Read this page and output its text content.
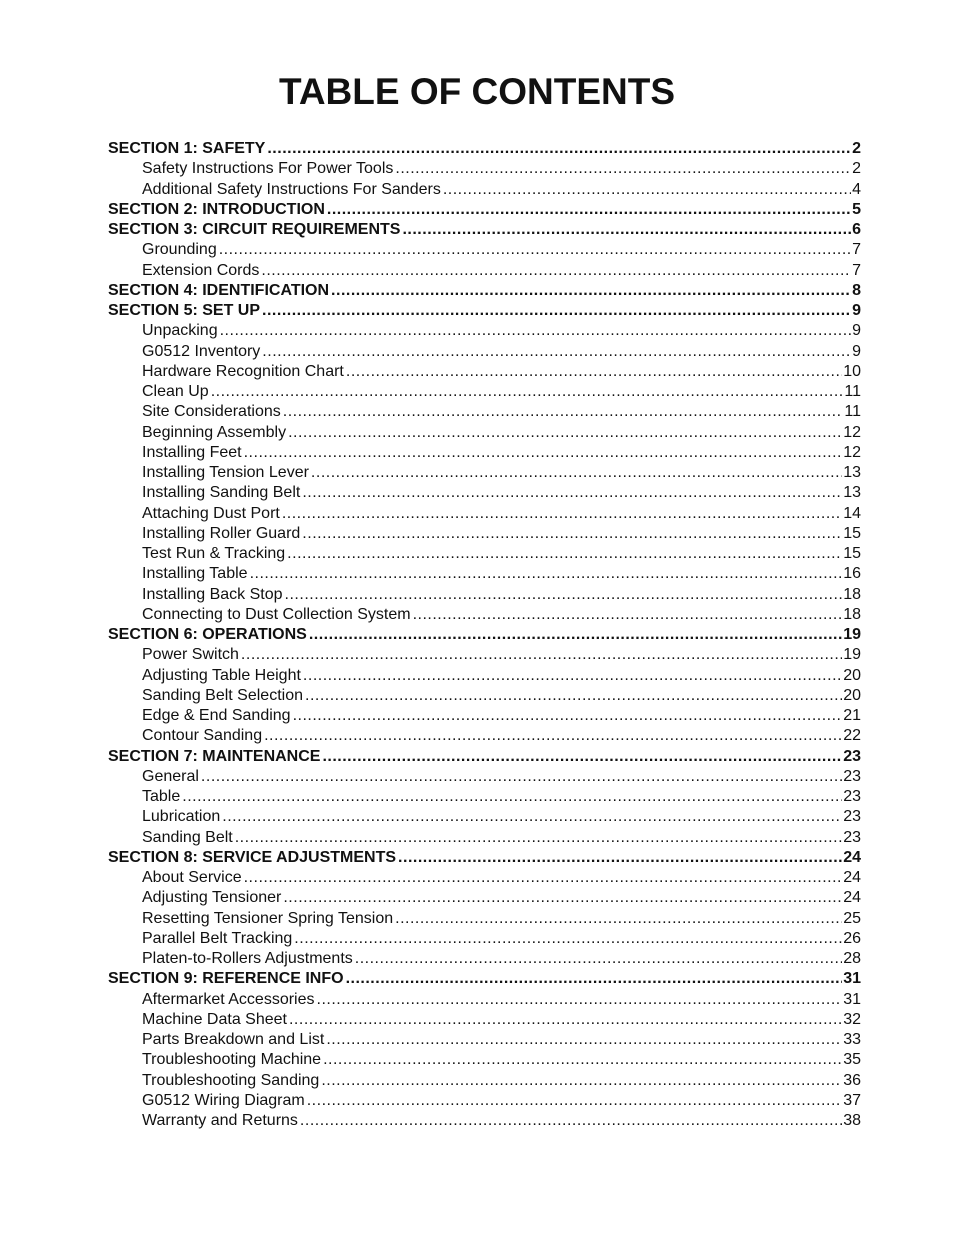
TABLE OF CONTENTS
SECTION 1: SAFETY .....	2
Safety Instructions For Power Tools .....	2
Additional Safety Instructions For Sanders .....	4
SECTION 2: INTRODUCTION .....	5
SECTION 3: CIRCUIT REQUIREMENTS .....	6
Grounding .....	7
Extension Cords .....	7
SECTION 4: IDENTIFICATION .....	8
SECTION 5: SET UP .....	9
Unpacking .....	9
G0512 Inventory .....	9
Hardware Recognition Chart .....	10
Clean Up .....	11
Site Considerations .....	11
Beginning Assembly .....	12
Installing Feet .....	12
Installing Tension Lever .....	13
Installing Sanding Belt .....	13
Attaching Dust Port .....	14
Installing Roller Guard .....	15
Test Run & Tracking .....	15
Installing Table .....	16
Installing Back Stop .....	18
Connecting to Dust Collection System .....	18
SECTION 6: OPERATIONS .....	19
Power Switch .....	19
Adjusting Table Height .....	20
Sanding Belt Selection .....	20
Edge & End Sanding .....	21
Contour Sanding .....	22
SECTION 7: MAINTENANCE .....	23
General .....	23
Table .....	23
Lubrication .....	23
Sanding Belt .....	23
SECTION 8: SERVICE ADJUSTMENTS .....	24
About Service .....	24
Adjusting Tensioner .....	24
Resetting Tensioner Spring Tension .....	25
Parallel Belt Tracking .....	26
Platen-to-Rollers Adjustments .....	28
SECTION 9: REFERENCE INFO .....	31
Aftermarket Accessories .....	31
Machine Data Sheet .....	32
Parts Breakdown and List .....	33
Troubleshooting Machine .....	35
Troubleshooting Sanding .....	36
G0512 Wiring Diagram .....	37
Warranty and Returns .....	38
